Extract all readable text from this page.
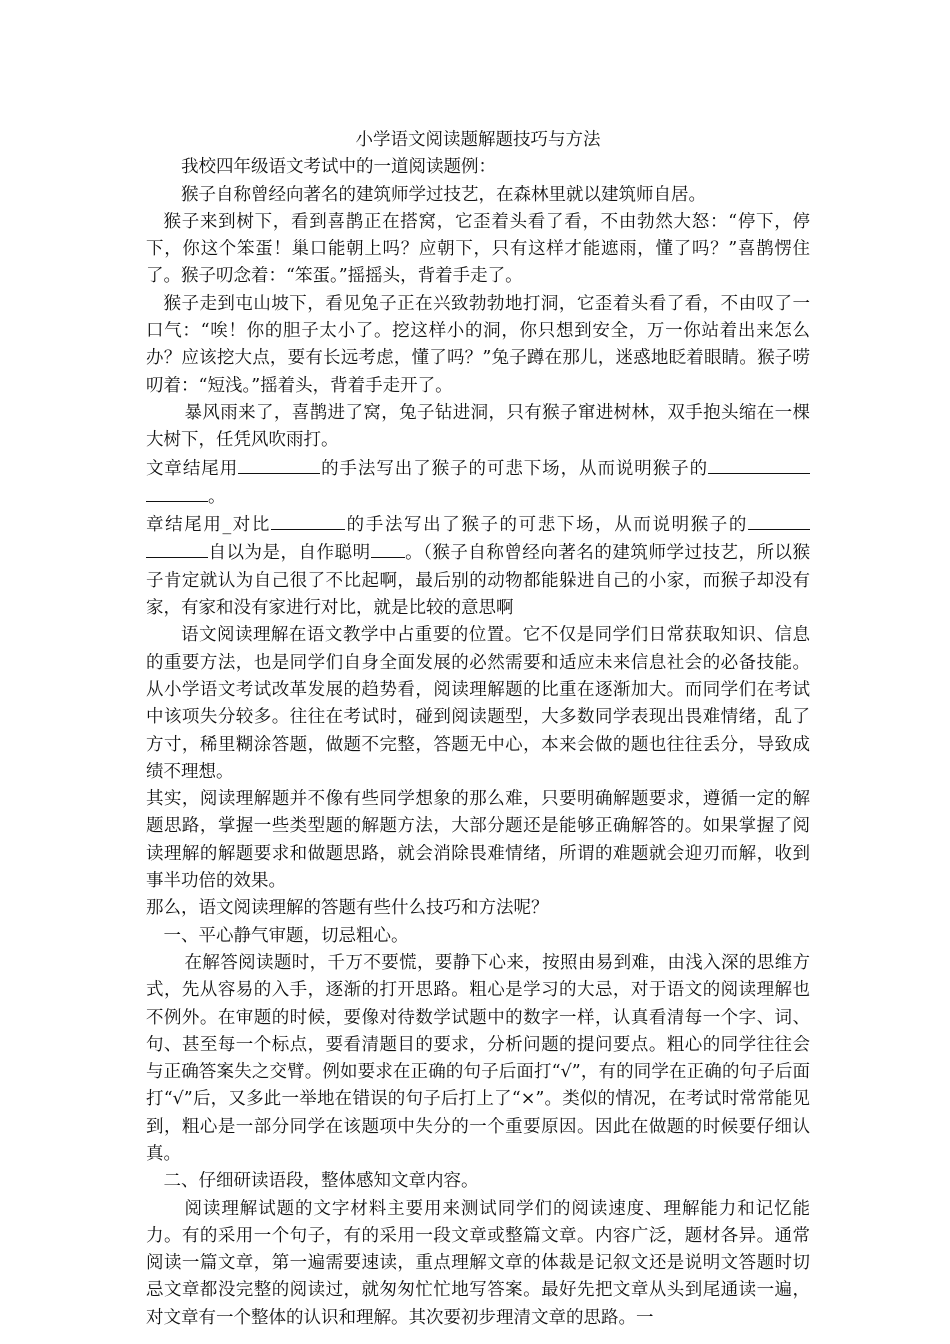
小学语文阅读题解题技巧与方法

我校四年级语文考试中的一道阅读题例：

猴子自称曾经向著名的建筑师学过技艺，在森林里就以建筑师自居。

猴子来到树下，看到喜鹊正在搭窝，它歪着头看了看，不由勃然大怒：“停下，停下，你这个笨蛋！巢口能朝上吗？应朝下，只有这样才能遮雨，懂了吗？”喜鹊愣住了。猴子叨念着：“笨蛋。”摇摇头，背着手走了。

猴子走到屯山坡下，看见兔子正在兴致勃勃地打洞，它歪着头看了看，不由叹了一口气：“唉！你的胆子太小了。挖这样小的洞，你只想到安全，万一你站着出来怎么办？应该挖大点，要有长远考虑，懂了吗？”兔子蹲在那儿，迷惑地眨着眼睛。猴子唠叨着：“短浅。”摇着头，背着手走开了。

暴风雨来了，喜鹊进了窝，兔子钻进洞，只有猴子窜进树林，双手抱头缩在一棵大树下，任凭风吹雨打。

文章结尾用	的手法写出了猴子的可悲下场，从而说明猴子的。

章结尾用_对比	的手法写出了猴子的可悲下场，从而说明猴子的自以为是，自作聪明 。（猴子自称曾经向著名的建筑师学过技艺，所以猴子肯定就认为自己很了不比起啊，最后别的动物都能躲进自己的小家，而猴子却没有家，有家和没有家进行对比，就是比较的意思啊

语文阅读理解在语文教学中占重要的位置。它不仅是同学们日常获取知识、信息的重要方法，也是同学们自身全面发展的必然需要和适应未来信息社会的必备技能。从小学语文考试改革发展的趋势看，阅读理解题的比重在逐渐加大。而同学们在考试中该项失分较多。往往在考试时，碰到阅读题型，大多数同学表现出畏难情绪，乱了方寸，稀里糊涂答题，做题不完整，答题无中心，本来会做的题也往往丢分，导致成绩不理想。

其实，阅读理解题并不像有些同学想象的那么难，只要明确解题要求，遵循一定的解题思路，掌握一些类型题的解题方法，大部分题还是能够正确解答的。如果掌握了阅读理解的解题要求和做题思路，就会消除畏难情绪，所谓的难题就会迎刃而解，收到事半功倍的效果。

那么，语文阅读理解的答题有些什么技巧和方法呢？

一、平心静气审题，切忌粗心。

在解答阅读题时，千万不要慌，要静下心来，按照由易到难，由浅入深的思维方式，先从容易的入手，逐渐的打开思路。粗心是学习的大忌，对于语文的阅读理解也不例外。在审题的时候，要像对待数学试题中的数字一样，认真看清每一个字、词、句、甚至每一个标点，要看清题目的要求，分析问题的提问要点。粗心的同学往往会与正确答案失之交臂。例如要求在正确的句子后面打“√”，有的同学在正确的句子后面打“√”后，又多此一举地在错误的句子后打上了“×”。类似的情况，在考试时常常能见到，粗心是一部分同学在该题项中失分的一个重要原因。因此在做题的时候要仔细认真。

二、仔细研读语段，整体感知文章内容。

阅读理解试题的文字材料主要用来测试同学们的阅读速度、理解能力和记忆能力。有的采用一个句子，有的采用一段文章或整篇文章。内容广泛，题材各异。通常阅读一篇文章，第一遍需要速读，重点理解文章的体裁是记叙文还是说明文答题时切忌文章都没完整的阅读过，就匆匆忙忙地写答案。最好先把文章从头到尾通读一遍，对文章有一个整体的认识和理解。其次要初步理清文章的思路。一
